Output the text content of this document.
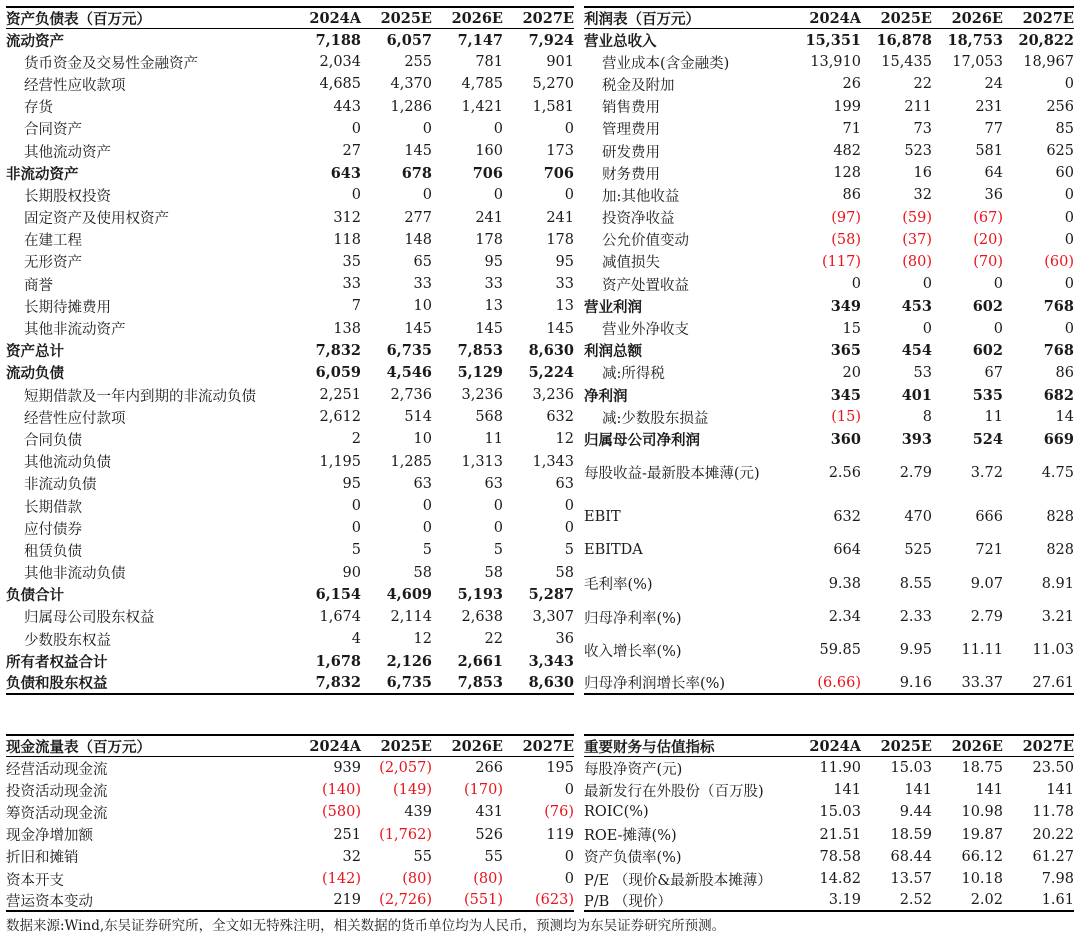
资产负债表（百万元）	2024A	2025E	2026E	2027E
流动资产	7,188	6,057	7,147	7,924
货币资金及交易性金融资产	2,034	255	781	901
经营性应收款项	4,685	4,370	4,785	5,270
存货	443	1,286	1,421	1,581
合同资产	0	0	0	0
其他流动资产	27	145	160	173
非流动资产	643	678	706	706
长期股权投资	0	0	0	0
固定资产及使用权资产	312	277	241	241
在建工程	118	148	178	178
无形资产	35	65	95	95
商誉	33	33	33	33
长期待摊费用	7	10	13	13
其他非流动资产	138	145	145	145
资产总计	7,832	6,735	7,853	8,630
流动负债	6,059	4,546	5,129	5,224
短期借款及一年内到期的非流动负债	2,251	2,736	3,236	3,236
经营性应付款项	2,612	514	568	632
合同负债	2	10	11	12
其他流动负债	1,195	1,285	1,313	1,343
非流动负债	95	63	63	63
长期借款	0	0	0	0
应付债券	0	0	0	0
租赁负债	5	5	5	5
其他非流动负债	90	58	58	58
负债合计	6,154	4,609	5,193	5,287
归属母公司股东权益	1,674	2,114	2,638	3,307
少数股东权益	4	12	22	36
所有者权益合计	1,678	2,126	2,661	3,343
负债和股东权益	7,832	6,735	7,853	8,630
利润表（百万元）	2024A	2025E	2026E	2027E
营业总收入	15,351	16,878	18,753	20,822
营业成本(含金融类)	13,910	15,435	17,053	18,967
税金及附加	26	22	24	0
销售费用	199	211	231	256
管理费用	71	73	77	85
研发费用	482	523	581	625
财务费用	128	16	64	60
加:其他收益	86	32	36	0
投资净收益	(97)	(59)	(67)	0
公允价值变动	(58)	(37)	(20)	0
减值损失	(117)	(80)	(70)	(60)
资产处置收益	0	0	0	0
营业利润	349	453	602	768
营业外净收支	15	0	0	0
利润总额	365	454	602	768
减:所得税	20	53	67	86
净利润	345	401	535	682
减:少数股东损益	(15)	8	11	14
归属母公司净利润	360	393	524	669
每股收益-最新股本摊薄(元)	2.56	2.79	3.72	4.75
EBIT	632	470	666	828
EBITDA	664	525	721	828
毛利率(%)	9.38	8.55	9.07	8.91
归母净利率(%)	2.34	2.33	2.79	3.21
收入增长率(%)	59.85	9.95	11.11	11.03
归母净利润增长率(%)	(6.66)	9.16	33.37	27.61
现金流量表（百万元）	2024A	2025E	2026E	2027E
经营活动现金流	939	(2,057)	266	195
投资活动现金流	(140)	(149)	(170)	0
筹资活动现金流	(580)	439	431	(76)
现金净增加额	251	(1,762)	526	119
折旧和摊销	32	55	55	0
资本开支	(142)	(80)	(80)	0
营运资本变动	219	(2,726)	(551)	(623)
重要财务与估值指标	2024A	2025E	2026E	2027E
每股净资产(元)	11.90	15.03	18.75	23.50
最新发行在外股份（百万股)	141	141	141	141
ROIC(%)	15.03	9.44	10.98	11.78
ROE-摊薄(%)	21.51	18.59	19.87	20.22
资产负债率(%)	78.58	68.44	66.12	61.27
P/E （现价&最新股本摊薄）	14.82	13.57	10.18	7.98
P/B （现价）	3.19	2.52	2.02	1.61
数据来源:Wind,东吴证券研究所，全文如无特殊注明，相关数据的货币单位均为人民币，预测均为东吴证券研究所预测。
